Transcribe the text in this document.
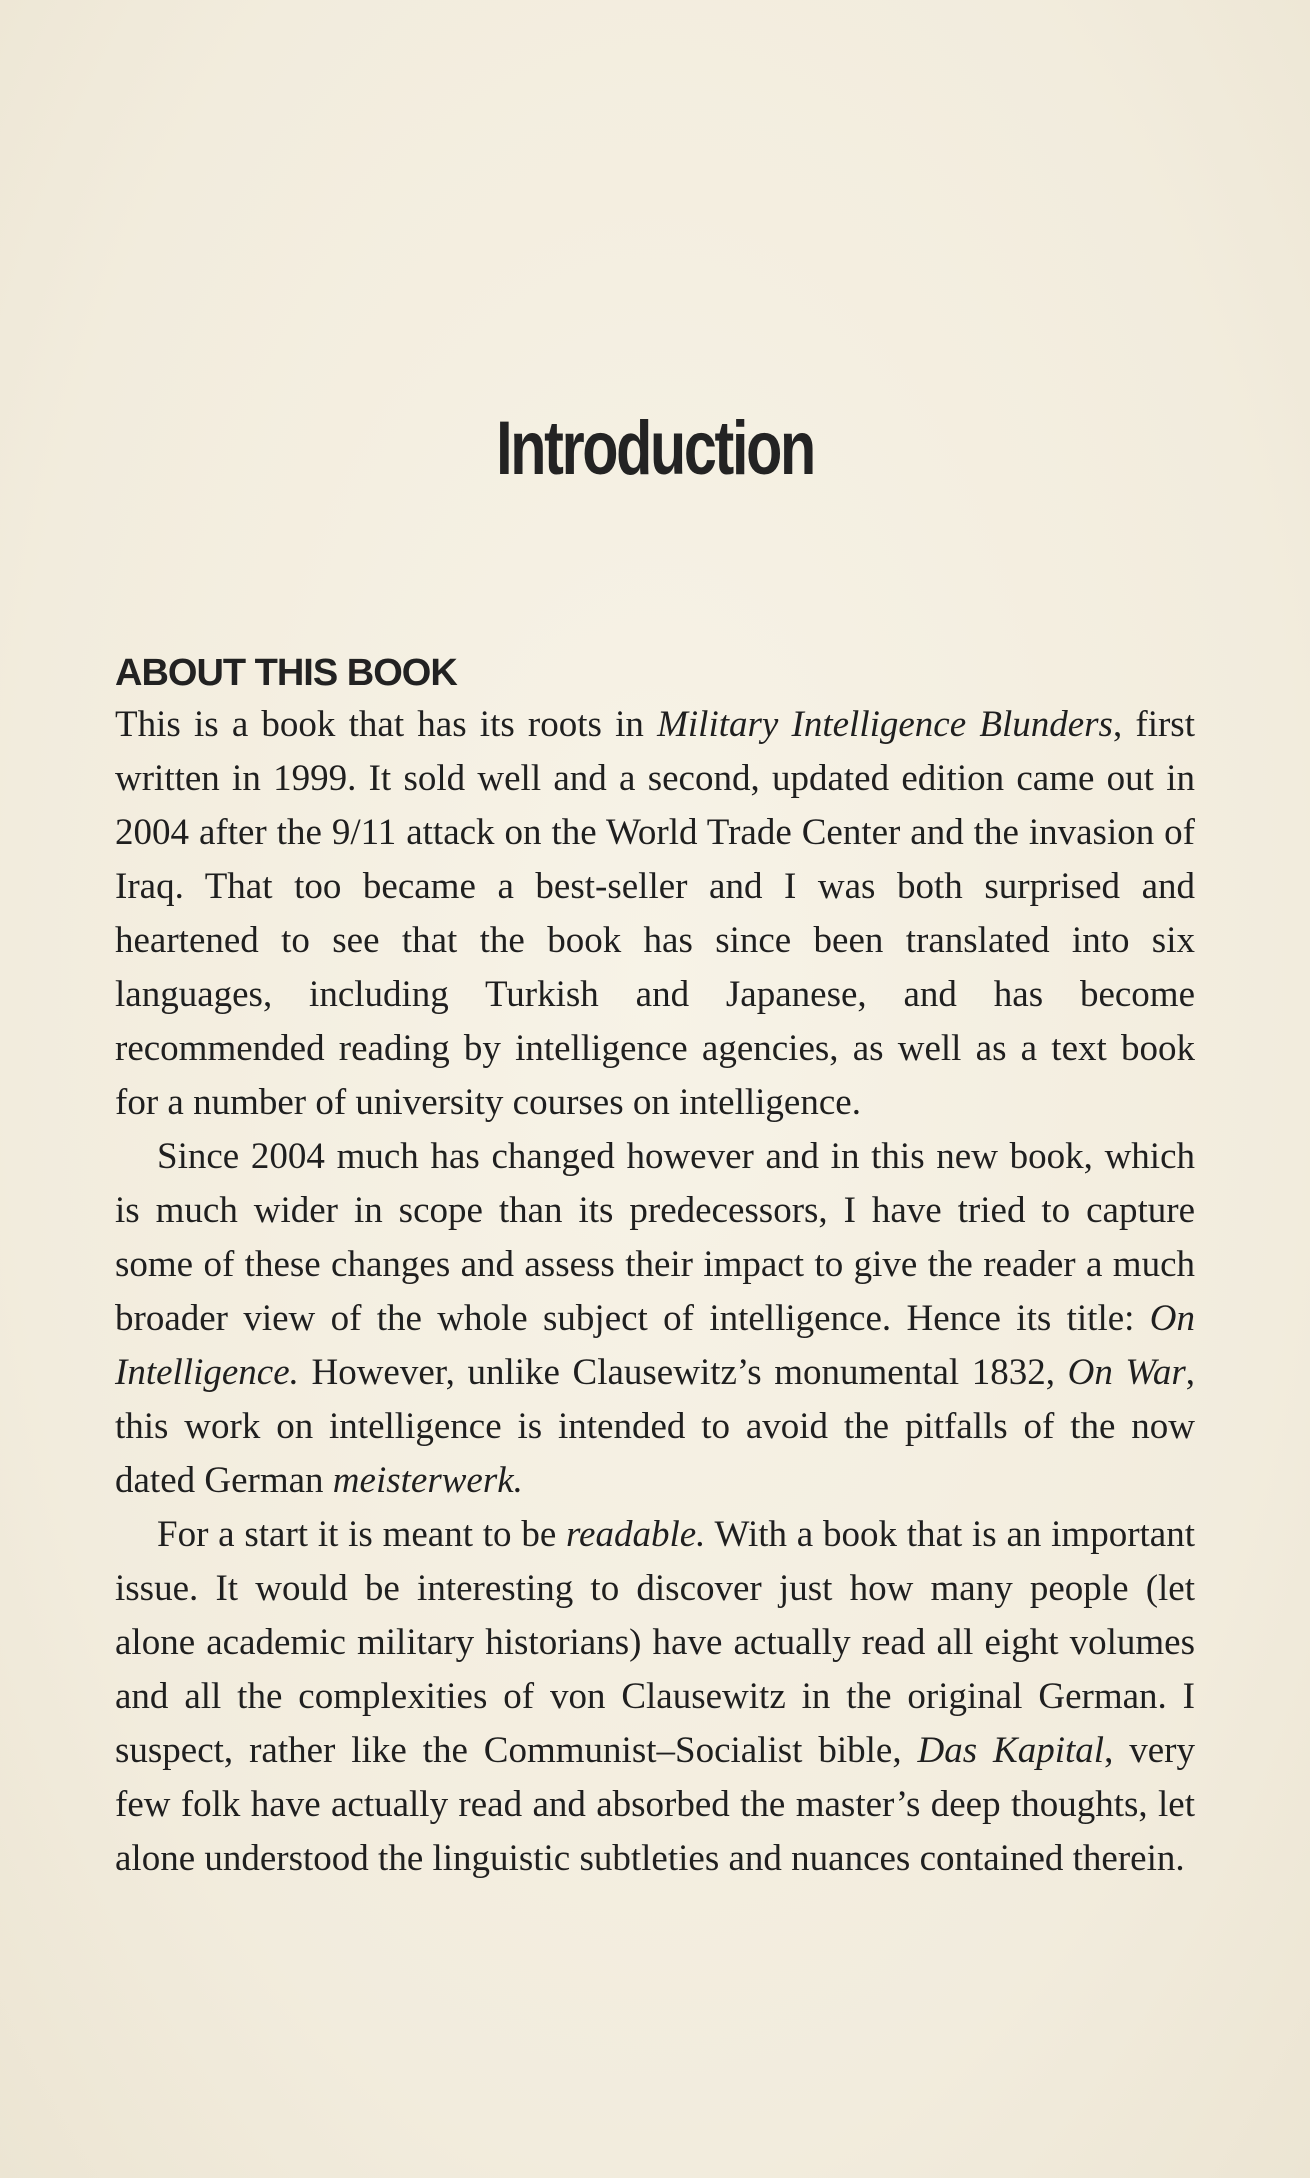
Introduction
ABOUT THIS BOOK

This is a book that has its roots in Military Intelligence Blunders, first written in 1999. It sold well and a second, updated edition came out in 2004 after the 9/11 attack on the World Trade Center and the invasion of Iraq. That too became a best-seller and I was both surprised and heartened to see that the book has since been translated into six languages, including Turkish and Japanese, and has become recommended reading by intelligence agencies, as well as a text book for a number of university courses on intelligence.

Since 2004 much has changed however and in this new book, which is much wider in scope than its predecessors, I have tried to capture some of these changes and assess their impact to give the reader a much broader view of the whole subject of intelligence. Hence its title: On Intelligence. However, unlike Clausewitz’s monumental 1832, On War, this work on intelligence is intended to avoid the pitfalls of the now dated German meisterwerk.

For a start it is meant to be readable. With a book that is an important issue. It would be interesting to discover just how many people (let alone academic military historians) have actually read all eight volumes and all the complexities of von Clausewitz in the original German. I suspect, rather like the Communist–Socialist bible, Das Kapital, very few folk have actually read and absorbed the master’s deep thoughts, let alone understood the linguistic subtleties and nuances contained therein.
